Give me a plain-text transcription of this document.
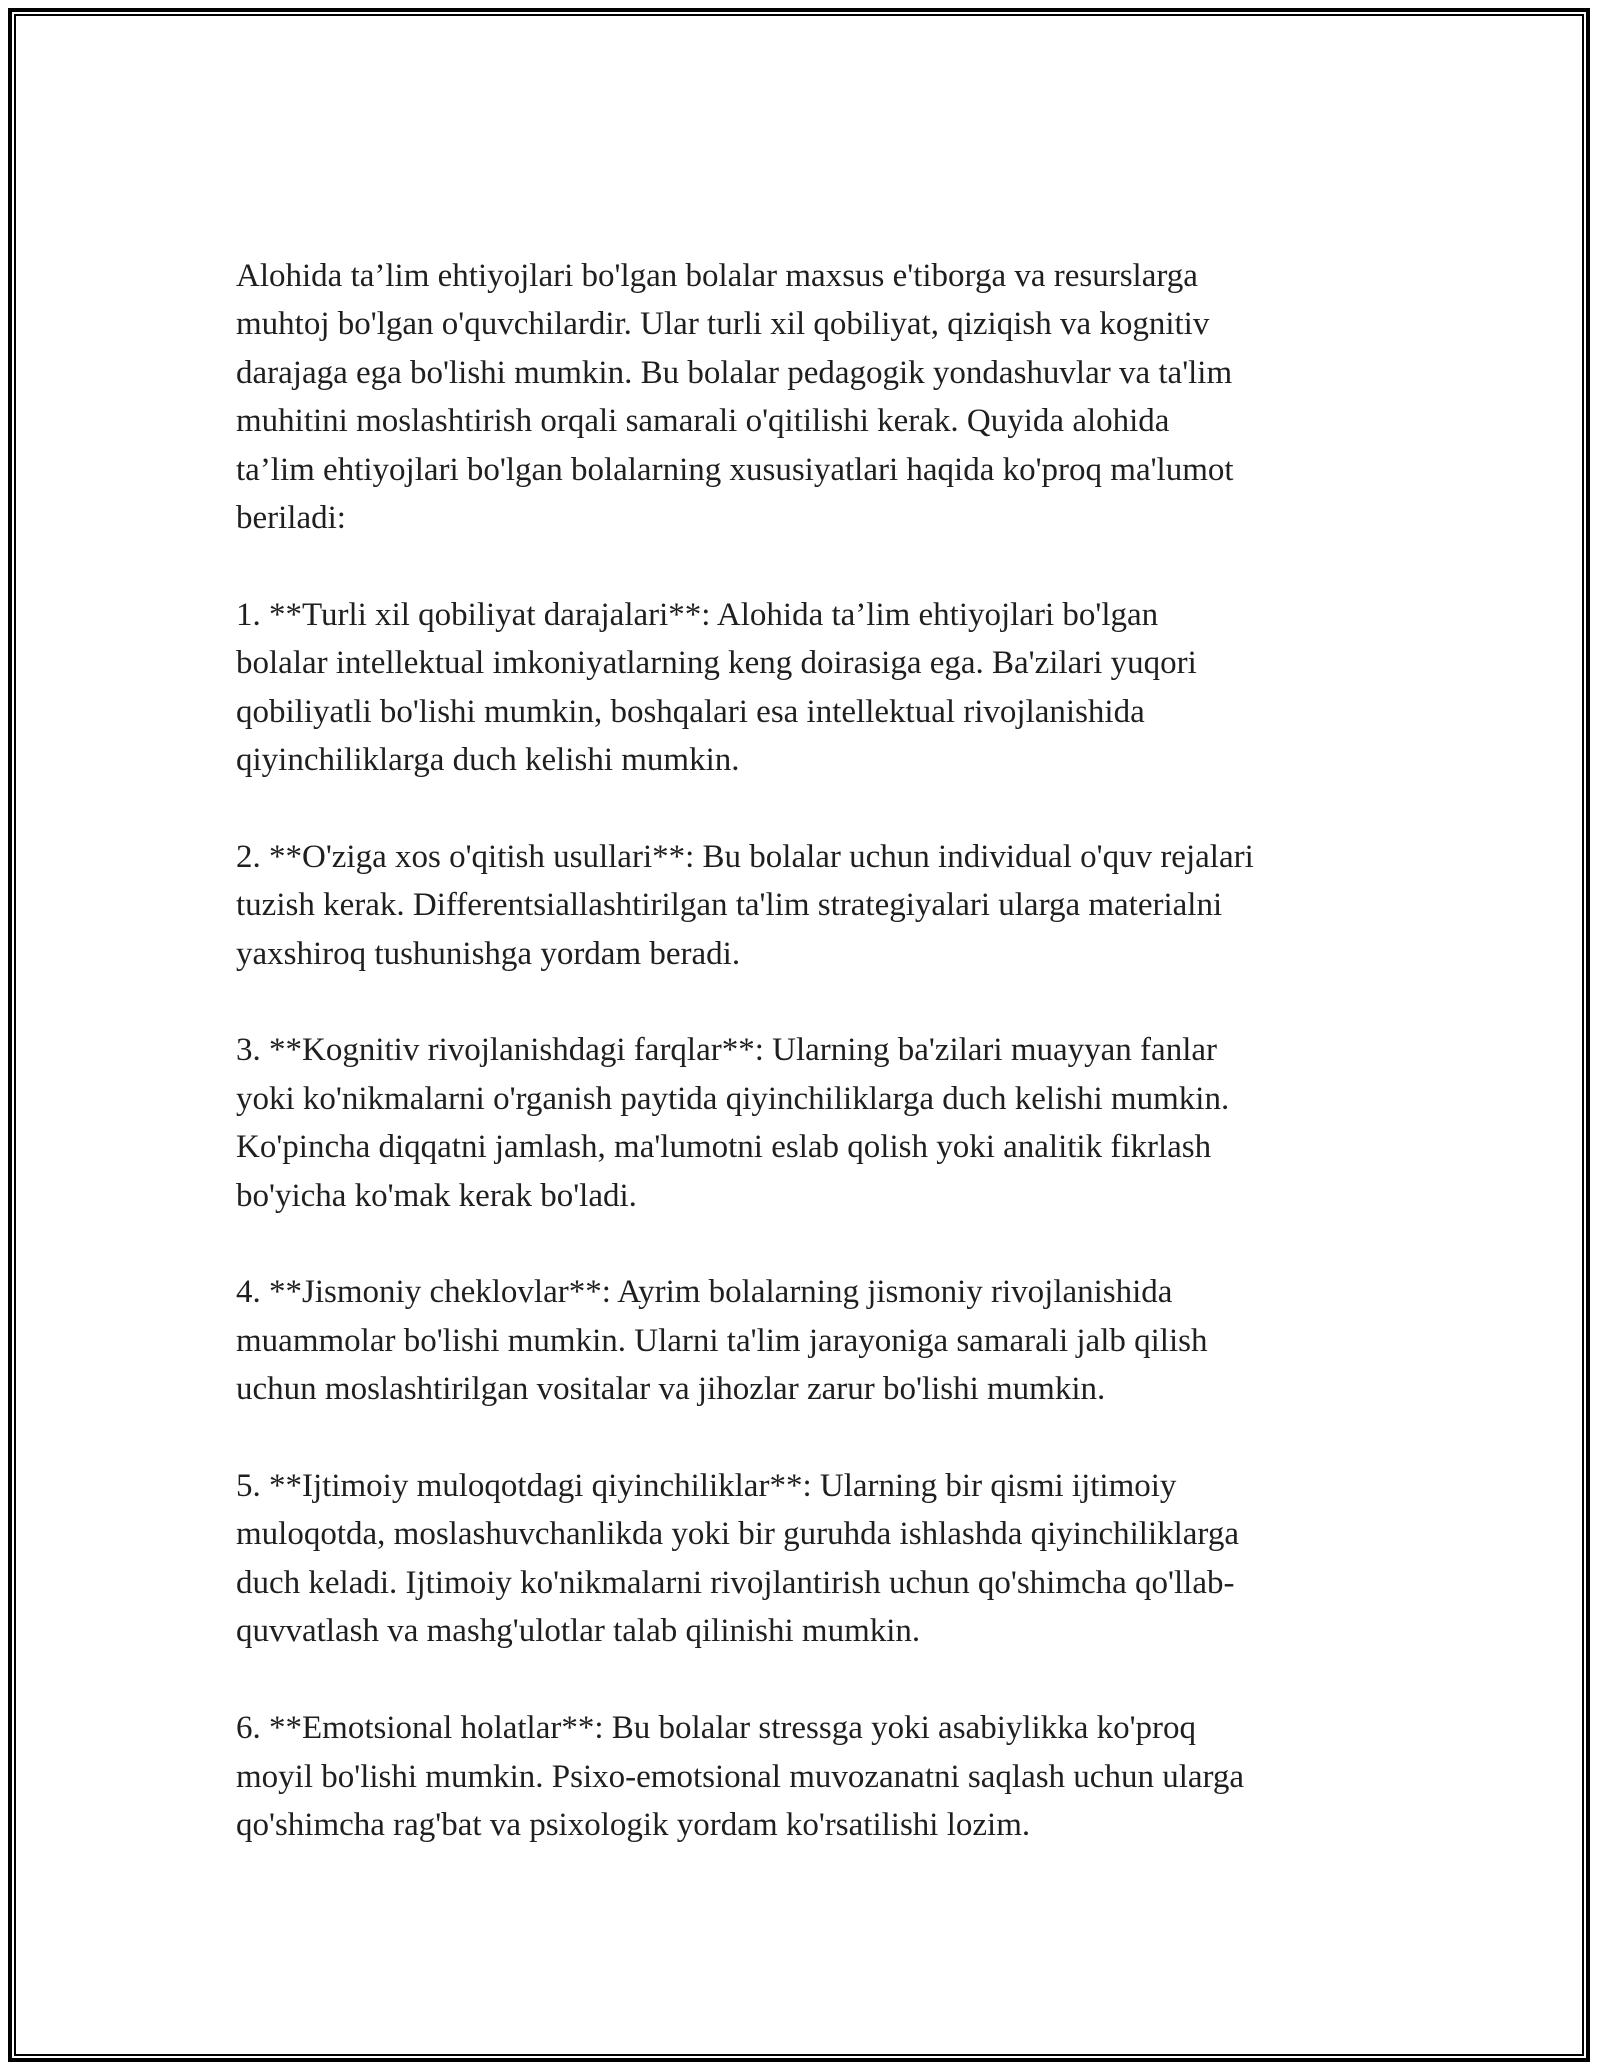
Alohida ta’lim ehtiyojlari bo'lgan bolalar maxsus e'tiborga va resurslarga
muhtoj bo'lgan o'quvchilardir. Ular turli xil qobiliyat, qiziqish va kognitiv
darajaga ega bo'lishi mumkin. Bu bolalar pedagogik yondashuvlar va ta'lim
muhitini moslashtirish orqali samarali o'qitilishi kerak. Quyida alohida
ta’lim ehtiyojlari bo'lgan bolalarning xususiyatlari haqida ko'proq ma'lumot
beriladi:

1. **Turli xil qobiliyat darajalari**: Alohida ta’lim ehtiyojlari bo'lgan
bolalar intellektual imkoniyatlarning keng doirasiga ega. Ba'zilari yuqori
qobiliyatli bo'lishi mumkin, boshqalari esa intellektual rivojlanishida
qiyinchiliklarga duch kelishi mumkin.

2. **O'ziga xos o'qitish usullari**: Bu bolalar uchun individual o'quv rejalari
tuzish kerak. Differentsiallashtirilgan ta'lim strategiyalari ularga materialni
yaxshiroq tushunishga yordam beradi.

3. **Kognitiv rivojlanishdagi farqlar**: Ularning ba'zilari muayyan fanlar
yoki ko'nikmalarni o'rganish paytida qiyinchiliklarga duch kelishi mumkin.
Ko'pincha diqqatni jamlash, ma'lumotni eslab qolish yoki analitik fikrlash
bo'yicha ko'mak kerak bo'ladi.

4. **Jismoniy cheklovlar**: Ayrim bolalarning jismoniy rivojlanishida
muammolar bo'lishi mumkin. Ularni ta'lim jarayoniga samarali jalb qilish
uchun moslashtirilgan vositalar va jihozlar zarur bo'lishi mumkin.

5. **Ijtimoiy muloqotdagi qiyinchiliklar**: Ularning bir qismi ijtimoiy
muloqotda, moslashuvchanlikda yoki bir guruhda ishlashda qiyinchiliklarga
duch keladi. Ijtimoiy ko'nikmalarni rivojlantirish uchun qo'shimcha qo'llab-
quvvatlash va mashg'ulotlar talab qilinishi mumkin.

6. **Emotsional holatlar**: Bu bolalar stressga yoki asabiylikka ko'proq
moyil bo'lishi mumkin. Psixo-emotsional muvozanatni saqlash uchun ularga
qo'shimcha rag'bat va psixologik yordam ko'rsatilishi lozim.
